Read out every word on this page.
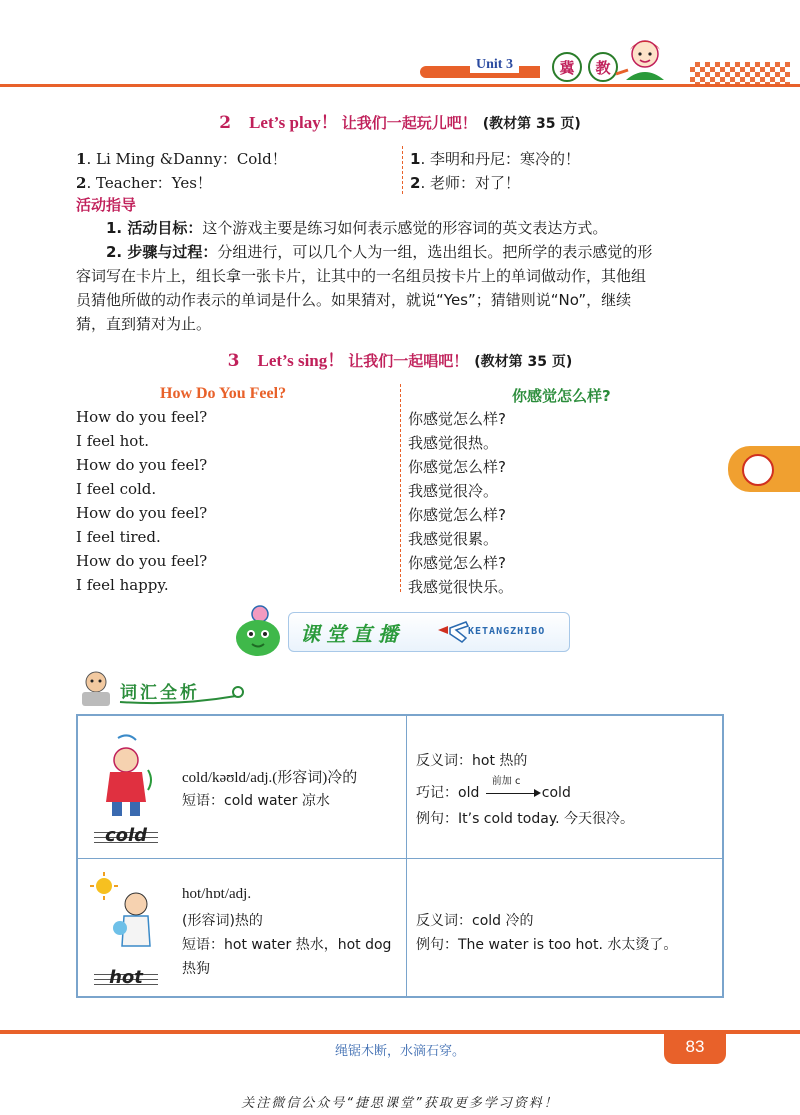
Unit 3	冀	教
2 Let’s play！ 让我们一起玩儿吧！ (教材第 35 页)
1. Li Ming &Danny：Cold！
2. Teacher：Yes！
1. 李明和丹尼：寒冷的！
2. 老师：对了！
活动指导
1. 活动目标：这个游戏主要是练习如何表示感觉的形容词的英文表达方式。
2. 步骤与过程：分组进行，可以几个人为一组，选出组长。把所学的表示感觉的形
容词写在卡片上，组长拿一张卡片，让其中的一名组员按卡片上的单词做动作，其他组
员猜他所做的动作表示的单词是什么。如果猜对，就说“Yes”；猜错则说“No”，继续
猜，直到猜对为止。
3 Let’s sing！ 让我们一起唱吧！ (教材第 35 页)
How Do You Feel?	你感觉怎么样?
How do you feel?
I feel hot.
How do you feel?
I feel cold.
How do you feel?
I feel tired.
How do you feel?
I feel happy.
你感觉怎么样?
我感觉很热。
你感觉怎么样?
我感觉很冷。
你感觉怎么样?
我感觉很累。
你感觉怎么样?
我感觉很快乐。
课堂直播	KETANGZHIBO
词汇全析
cold
cold/kəʊld/adj.(形容词)冷的
短语：cold water 凉水
反义词：hot 热的
巧记：old
前加 c
cold
例句：It’s cold today. 今天很冷。
hot
hot/hɒt/adj.
(形容词)热的
短语：hot water 热水，hot dog
热狗
反义词：cold 冷的
例句：The water is too hot. 水太烫了。
绳锯木断，水滴石穿。	83
关注微信公众号“捷思课堂”获取更多学习资料！
